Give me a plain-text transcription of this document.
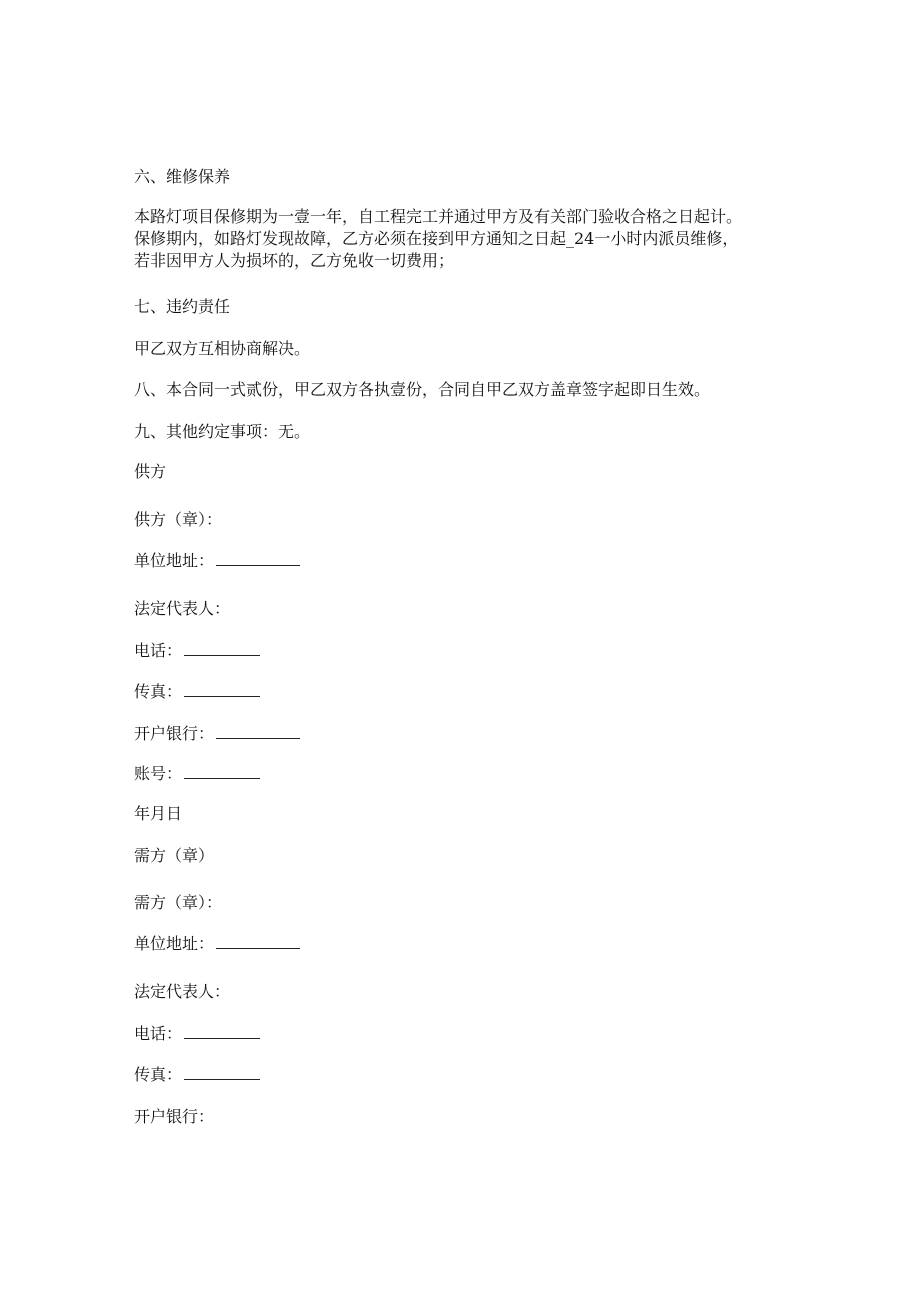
六、维修保养
本路灯项目保修期为一壹一年，自工程完工并通过甲方及有关部门验收合格之日起计。
保修期内，如路灯发现故障，乙方必须在接到甲方通知之日起_24一小时内派员维修，
若非因甲方人为损坏的，乙方免收一切费用；
七、违约责任
甲乙双方互相协商解决。
八、本合同一式贰份，甲乙双方各执壹份，合同自甲乙双方盖章签字起即日生效。
九、其他约定事项：无。
供方
供方（章）：
单位地址：
法定代表人：
电话：
传真：
开户银行：
账号：
年月日
需方（章）
需方（章）：
单位地址：
法定代表人：
电话：
传真：
开户银行：
